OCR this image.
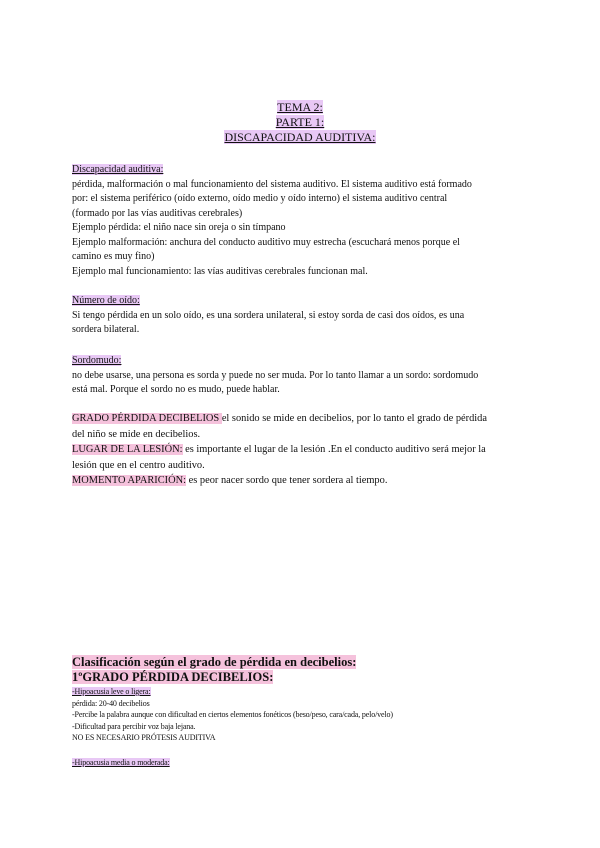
TEMA 2:
PARTE 1:
DISCAPACIDAD AUDITIVA:
Discapacidad auditiva:
pérdida, malformación o mal funcionamiento del sistema auditivo. El sistema auditivo está formado
por: el sistema periférico (oído externo, oído medio y oído interno) el sistema auditivo central
(formado por las vías auditivas cerebrales)
Ejemplo pérdida: el niño nace sin oreja o sin tímpano
Ejemplo malformación: anchura del conducto auditivo muy estrecha (escuchará menos porque el
camino es muy fino)
Ejemplo mal funcionamiento: las vías auditivas cerebrales funcionan mal.
Número de oído:
Si tengo pérdida en un solo oído, es una sordera unilateral, si estoy sorda de casi dos oídos, es una
sordera bilateral.
Sordomudo:
no debe usarse, una persona es sorda y puede no ser muda. Por lo tanto llamar a un sordo: sordomudo
está mal. Porque el sordo no es mudo, puede hablar.
GRADO PÉRDIDA DECIBELIOS el sonido se mide en decibelios, por lo tanto el grado de pérdida
del niño se mide en decibelios.
LUGAR DE LA LESIÓN: es importante el lugar de la lesión .En el conducto auditivo será mejor la
lesión que en el centro auditivo.
MOMENTO APARICIÓN: es peor nacer sordo que tener sordera al tiempo.
Clasificación según el grado de pérdida en decibelios:
1ºGRADO PÉRDIDA DECIBELIOS:
-Hipoacusia leve o ligera:
pérdida: 20-40 decibelios
-Percibe la palabra aunque con dificultad en ciertos elementos fonéticos (beso/peso, cara/cada, pelo/velo)
-Dificultad para percibir voz baja lejana.
NO ES NECESARIO PRÓTESIS AUDITIVA
-Hipoacusia media o moderada:
